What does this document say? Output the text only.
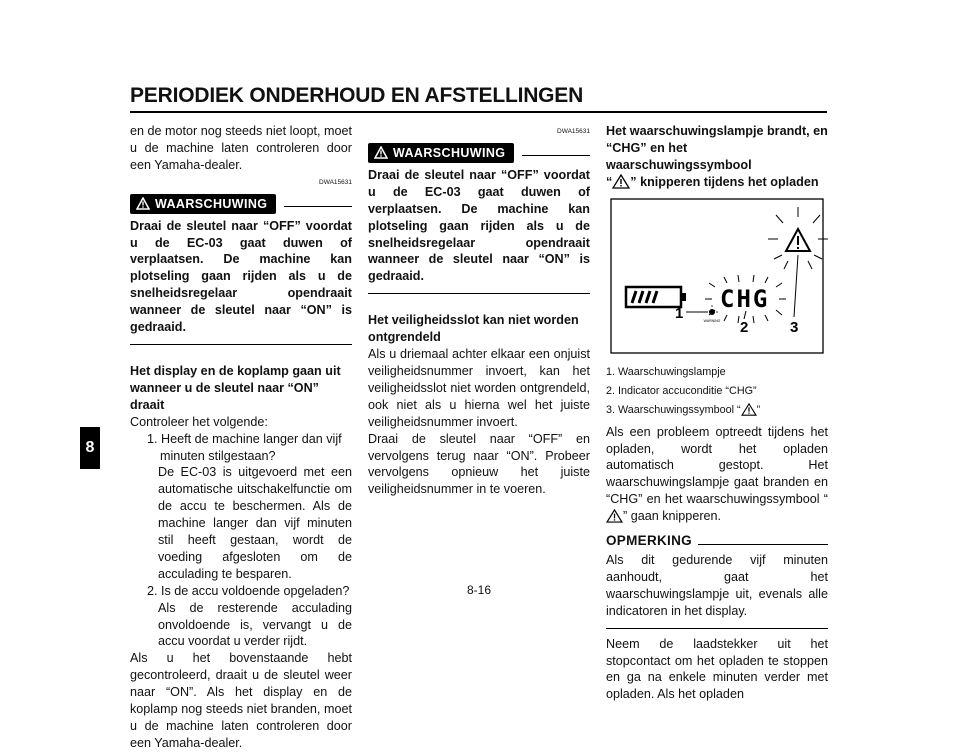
PERIODIEK ONDERHOUD EN AFSTELLINGEN
8

en de motor nog steeds niet loopt, moet u de machine laten controleren door een Yamaha-dealer.

DWA15631
WAARSCHUWING

Draai de sleutel naar “OFF” voordat u de EC-03 gaat duwen of verplaatsen. De machine kan plotseling gaan rijden als u de snelheidsregelaar opendraait wanneer de sleutel naar “ON” is gedraaid.

Het display en de koplamp gaan uit wanneer u de sleutel naar “ON” draait

Controleer het volgende:

1. Heeft de machine langer dan vijf minuten stilgestaan?

De EC-03 is uitgevoerd met een automatische uitschakelfunctie om de accu te beschermen. Als de machine langer dan vijf minuten stil heeft gestaan, wordt de voeding afgesloten om de acculading te besparen.

2. Is de accu voldoende opgeladen?

Als de resterende acculading onvoldoende is, vervangt u de accu voordat u verder rijdt.

Als u het bovenstaande hebt gecontroleerd, draait u de sleutel weer naar “ON”. Als het display en de koplamp nog steeds niet branden, moet u de machine laten controleren door een Yamaha-dealer.

DWA15631
WAARSCHUWING

Draai de sleutel naar “OFF” voordat u de EC-03 gaat duwen of verplaatsen. De machine kan plotseling gaan rijden als u de snelheidsregelaar opendraait wanneer de sleutel naar “ON” is gedraaid.

Het veiligheidsslot kan niet worden ontgrendeld

Als u driemaal achter elkaar een onjuist veiligheidsnummer invoert, kan het veiligheidsslot niet worden ontgrendeld, ook niet als u hierna wel het juiste veiligheidsnummer invoert.

Draai de sleutel naar “OFF” en vervolgens terug naar “ON”. Probeer vervolgens opnieuw het juiste veiligheidsnummer in te voeren.

Het waarschuwingslampje brandt, en “CHG” en het waarschuwingssymbool
“ ” knipperen tijdens het opladen

CHG
WARNING
1
2	3

1. Waarschuwingslampje

2. Indicator accuconditie “CHG”

3. Waarschuwingssymbool “ ”

Als een probleem optreedt tijdens het opladen, wordt het opladen automatisch gestopt. Het waarschuwingslampje gaat branden en “CHG” en het waarschuwingssymbool “” gaan knipperen.

OPMERKING

Als dit gedurende vijf minuten aanhoudt, gaat het waarschuwingslampje uit, evenals alle indicatoren in het display.

Neem de laadstekker uit het stopcontact om het opladen te stoppen en ga na enkele minuten verder met opladen. Als het opladen

8-16
